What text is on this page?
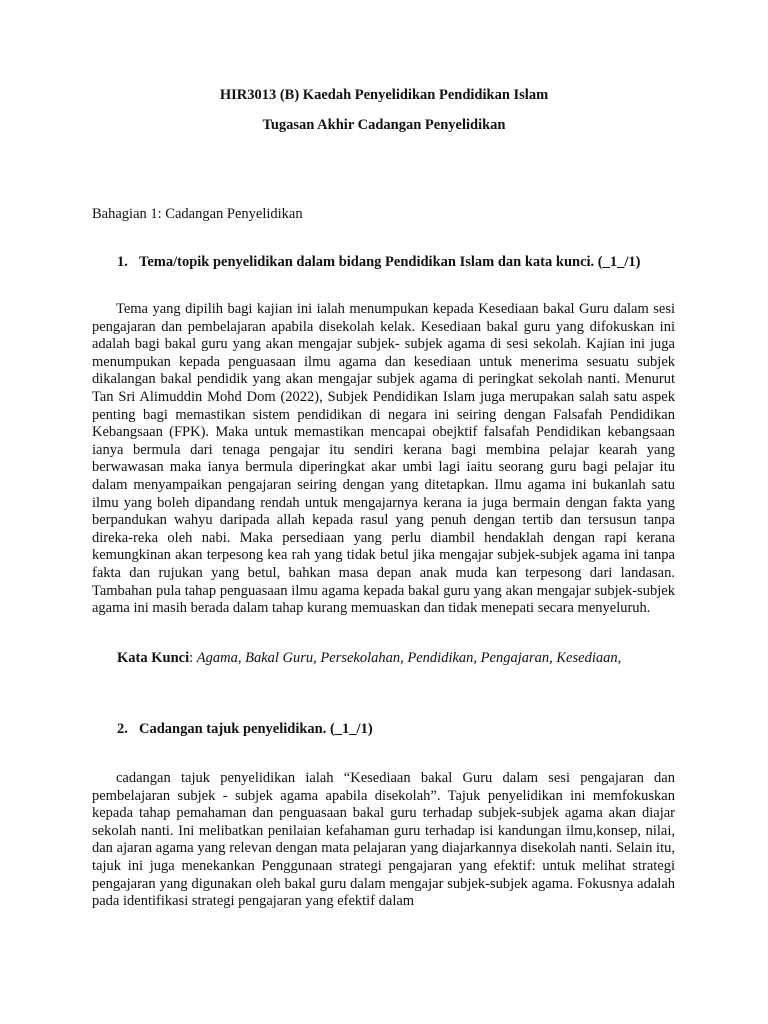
HIR3013 (B) Kaedah Penyelidikan Pendidikan Islam
Tugasan Akhir Cadangan Penyelidikan
Bahagian 1: Cadangan Penyelidikan
1. Tema/topik penyelidikan dalam bidang Pendidikan Islam dan kata kunci. (_1_/1)

Tema yang dipilih bagi kajian ini ialah menumpukan kepada Kesediaan bakal Guru dalam sesi pengajaran dan pembelajaran apabila disekolah kelak. Kesediaan bakal guru yang difokuskan ini adalah bagi bakal guru yang akan mengajar subjek- subjek agama di sesi sekolah. Kajian ini juga menumpukan kepada penguasaan ilmu agama dan kesediaan untuk menerima sesuatu subjek dikalangan bakal pendidik yang akan mengajar subjek agama di peringkat sekolah nanti. Menurut Tan Sri Alimuddin Mohd Dom (2022), Subjek Pendidikan Islam juga merupakan salah satu aspek penting bagi memastikan sistem pendidikan di negara ini seiring dengan Falsafah Pendidikan Kebangsaan (FPK). Maka untuk memastikan mencapai obejktif falsafah Pendidikan kebangsaan ianya bermula dari tenaga pengajar itu sendiri kerana bagi membina pelajar kearah yang berwawasan maka ianya bermula diperingkat akar umbi lagi iaitu seorang guru bagi pelajar itu dalam menyampaikan pengajaran seiring dengan yang ditetapkan. Ilmu agama ini bukanlah satu ilmu yang boleh dipandang rendah untuk mengajarnya kerana ia juga bermain dengan fakta yang berpandukan wahyu daripada allah kepada rasul yang penuh dengan tertib dan tersusun tanpa direka-reka oleh nabi. Maka persediaan yang perlu diambil hendaklah dengan rapi kerana kemungkinan akan terpesong kea rah yang tidak betul jika mengajar subjek-subjek agama ini tanpa fakta dan rujukan yang betul, bahkan masa depan anak muda kan terpesong dari landasan. Tambahan pula tahap penguasaan ilmu agama kepada bakal guru yang akan mengajar subjek-subjek agama ini masih berada dalam tahap kurang memuaskan dan tidak menepati secara menyeluruh.

Kata Kunci: Agama, Bakal Guru, Persekolahan, Pendidikan, Pengajaran, Kesediaan,
2. Cadangan tajuk penyelidikan. (_1_/1)

cadangan tajuk penyelidikan ialah “Kesediaan bakal Guru dalam sesi pengajaran dan pembelajaran subjek - subjek agama apabila disekolah”. Tajuk penyelidikan ini memfokuskan kepada tahap pemahaman dan penguasaan bakal guru terhadap subjek-subjek agama akan diajar sekolah nanti. Ini melibatkan penilaian kefahaman guru terhadap isi kandungan ilmu,konsep, nilai, dan ajaran agama yang relevan dengan mata pelajaran yang diajarkannya disekolah nanti. Selain itu, tajuk ini juga menekankan Penggunaan strategi pengajaran yang efektif: untuk melihat strategi pengajaran yang digunakan oleh bakal guru dalam mengajar subjek-subjek agama. Fokusnya adalah pada identifikasi strategi pengajaran yang efektif dalam
